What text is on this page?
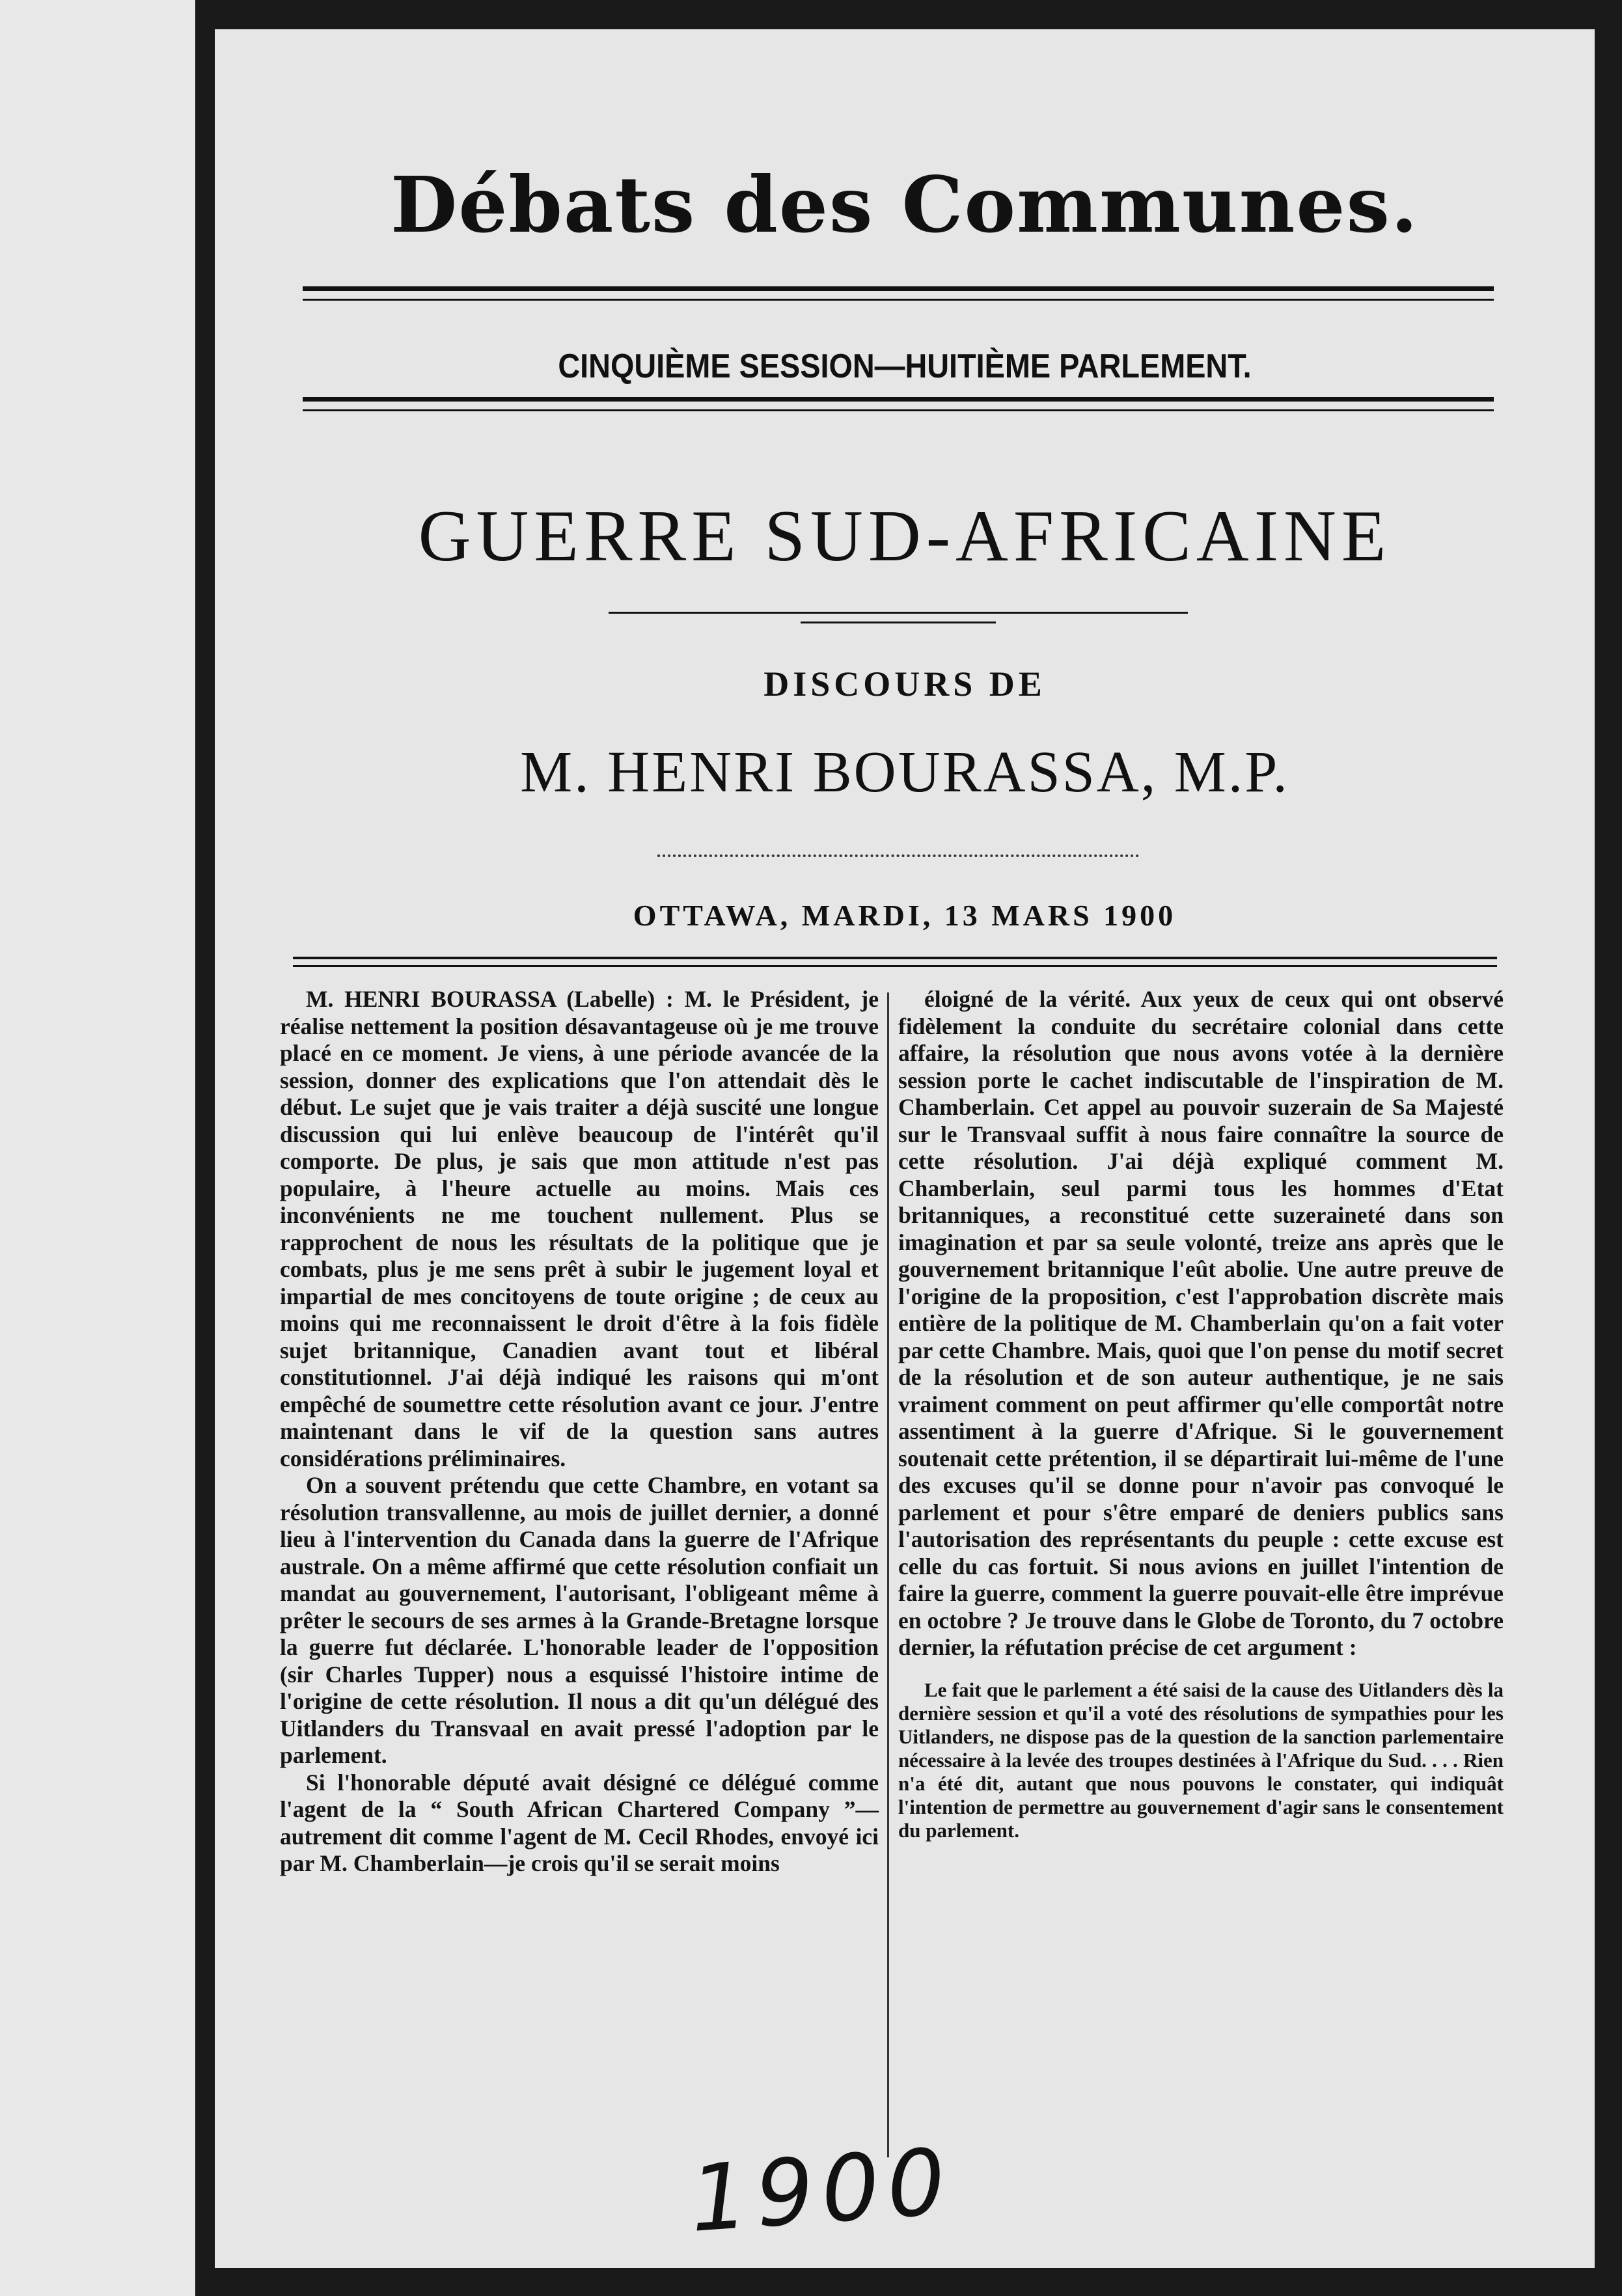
Débats des Communes.
CINQUIÈME SESSION—HUITIÈME PARLEMENT.
GUERRE SUD-AFRICAINE
DISCOURS DE
M. HENRI BOURASSA, M.P.
OTTAWA, MARDI, 13 MARS 1900

M. HENRI BOURASSA (Labelle) : M. le Président, je réalise nettement la position désavantageuse où je me trouve placé en ce moment. Je viens, à une période avancée de la session, donner des explications que l'on attendait dès le début. Le sujet que je vais traiter a déjà suscité une longue discussion qui lui enlève beaucoup de l'intérêt qu'il comporte. De plus, je sais que mon attitude n'est pas populaire, à l'heure actuelle au moins. Mais ces inconvénients ne me touchent nullement. Plus se rapprochent de nous les résultats de la politique que je combats, plus je me sens prêt à subir le jugement loyal et impartial de mes concitoyens de toute origine ; de ceux au moins qui me reconnaissent le droit d'être à la fois fidèle sujet britannique, Canadien avant tout et libéral constitutionnel. J'ai déjà indiqué les raisons qui m'ont empêché de soumettre cette résolution avant ce jour. J'entre maintenant dans le vif de la question sans autres considérations préliminaires.

On a souvent prétendu que cette Chambre, en votant sa résolution transvallenne, au mois de juillet dernier, a donné lieu à l'intervention du Canada dans la guerre de l'Afrique australe. On a même affirmé que cette résolution confiait un mandat au gouvernement, l'autorisant, l'obligeant même à prêter le secours de ses armes à la Grande-Bretagne lorsque la guerre fut déclarée. L'honorable leader de l'opposition (sir Charles Tupper) nous a esquissé l'histoire intime de l'origine de cette résolution. Il nous a dit qu'un délégué des Uitlanders du Transvaal en avait pressé l'adoption par le parlement.

Si l'honorable député avait désigné ce délégué comme l'agent de la “ South African Chartered Company ”—autrement dit comme l'agent de M. Cecil Rhodes, envoyé ici par M. Chamberlain—je crois qu'il se serait moins

éloigné de la vérité. Aux yeux de ceux qui ont observé fidèlement la conduite du secrétaire colonial dans cette affaire, la résolution que nous avons votée à la dernière session porte le cachet indiscutable de l'inspiration de M. Chamberlain. Cet appel au pouvoir suzerain de Sa Majesté sur le Transvaal suffit à nous faire connaître la source de cette résolution. J'ai déjà expliqué comment M. Chamberlain, seul parmi tous les hommes d'Etat britanniques, a reconstitué cette suzeraineté dans son imagination et par sa seule volonté, treize ans après que le gouvernement britannique l'eût abolie. Une autre preuve de l'origine de la proposition, c'est l'approbation discrète mais entière de la politique de M. Chamberlain qu'on a fait voter par cette Chambre. Mais, quoi que l'on pense du motif secret de la résolution et de son auteur authentique, je ne sais vraiment comment on peut affirmer qu'elle comportât notre assentiment à la guerre d'Afrique. Si le gouvernement soutenait cette prétention, il se départirait lui-même de l'une des excuses qu'il se donne pour n'avoir pas convoqué le parlement et pour s'être emparé de deniers publics sans l'autorisation des représentants du peuple : cette excuse est celle du cas fortuit. Si nous avions en juillet l'intention de faire la guerre, comment la guerre pouvait-elle être imprévue en octobre ? Je trouve dans le Globe de Toronto, du 7 octobre dernier, la réfutation précise de cet argument :

Le fait que le parlement a été saisi de la cause des Uitlanders dès la dernière session et qu'il a voté des résolutions de sympathies pour les Uitlanders, ne dispose pas de la question de la sanction parlementaire nécessaire à la levée des troupes destinées à l'Afrique du Sud. . . . Rien n'a été dit, autant que nous pouvons le constater, qui indiquât l'intention de permettre au gouvernement d'agir sans le consentement du parlement.

1900
